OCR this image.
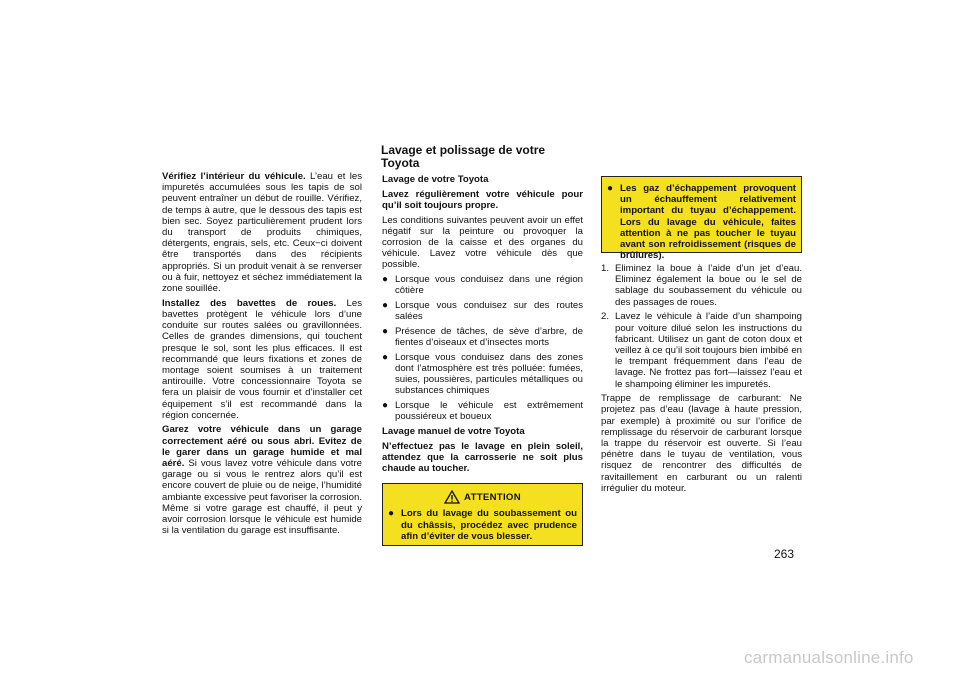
Vérifiez l’intérieur du véhicule. L’eau et les impuretés accumulées sous les tapis de sol peuvent entraîner un début de rouille. Vérifiez, de temps à autre, que le dessous des tapis est bien sec. Soyez particulièrement prudent lors du transport de produits chimiques, détergents, engrais, sels, etc. Ceux−ci doivent être transportés dans des récipients appropriés. Si un produit venait à se renverser ou à fuir, nettoyez et séchez immédiatement la zone souillée.

Installez des bavettes de roues. Les bavettes protègent le véhicule lors d’une conduite sur routes salées ou gravillonnées. Celles de grandes dimensions, qui touchent presque le sol, sont les plus efficaces. Il est recommandé que leurs fixations et zones de montage soient soumises à un traitement antirouille. Votre concessionnaire Toyota se fera un plaisir de vous fournir et d’installer cet équipement s’il est recommandé dans la région concernée.

Garez votre véhicule dans un garage correctement aéré ou sous abri. Evitez de le garer dans un garage humide et mal aéré. Si vous lavez votre véhicule dans votre garage ou si vous le rentrez alors qu’il est encore couvert de pluie ou de neige, l’humidité ambiante excessive peut favoriser la corrosion. Même si votre garage est chauffé, il peut y avoir corrosion lorsque le véhicule est humide si la ventilation du garage est insuffisante.

Lavage et polissage de votre Toyota

Lavage de votre Toyota

Lavez régulièrement votre véhicule pour qu’il soit toujours propre.

Les conditions suivantes peuvent avoir un effet négatif sur la peinture ou provoquer la corrosion de la caisse et des organes du véhicule. Lavez votre véhicule dès que possible.

● Lorsque vous conduisez dans une région côtière
● Lorsque vous conduisez sur des routes salées
● Présence de tâches, de sève d’arbre, de fientes d’oiseaux et d’insectes morts
● Lorsque vous conduisez dans des zones dont l’atmosphère est très polluée: fumées, suies, poussières, particules métalliques ou substances chimiques
● Lorsque le véhicule est extrêmement poussiéreux et boueux

Lavage manuel de votre Toyota

N’effectuez pas le lavage en plein soleil, attendez que la carrosserie ne soit plus chaude au toucher.

ATTENTION
● Lors du lavage du soubassement ou du châssis, procédez avec prudence afin d’éviter de vous blesser.
● Les gaz d’échappement provoquent un échauffement relativement important du tuyau d’échappement. Lors du lavage du véhicule, faites attention à ne pas toucher le tuyau avant son refroidissement (risques de brûlures).
1. Eliminez la boue à l’aide d’un jet d’eau. Eliminez également la boue ou le sel de sablage du soubassement du véhicule ou des passages de roues.
2. Lavez le véhicule à l’aide d’un shampoing pour voiture dilué selon les instructions du fabricant. Utilisez un gant de coton doux et veillez à ce qu’il soit toujours bien imbibé en le trempant fréquemment dans l’eau de lavage. Ne frottez pas fort—laissez l’eau et le shampoing éliminer les impuretés.

Trappe de remplissage de carburant: Ne projetez pas d’eau (lavage à haute pression, par exemple) à proximité ou sur l’orifice de remplissage du réservoir de carburant lorsque la trappe du réservoir est ouverte. Si l’eau pénètre dans le tuyau de ventilation, vous risquez de rencontrer des difficultés de ravitaillement en carburant ou un ralenti irrégulier du moteur.

263
carmanualsonline.info
